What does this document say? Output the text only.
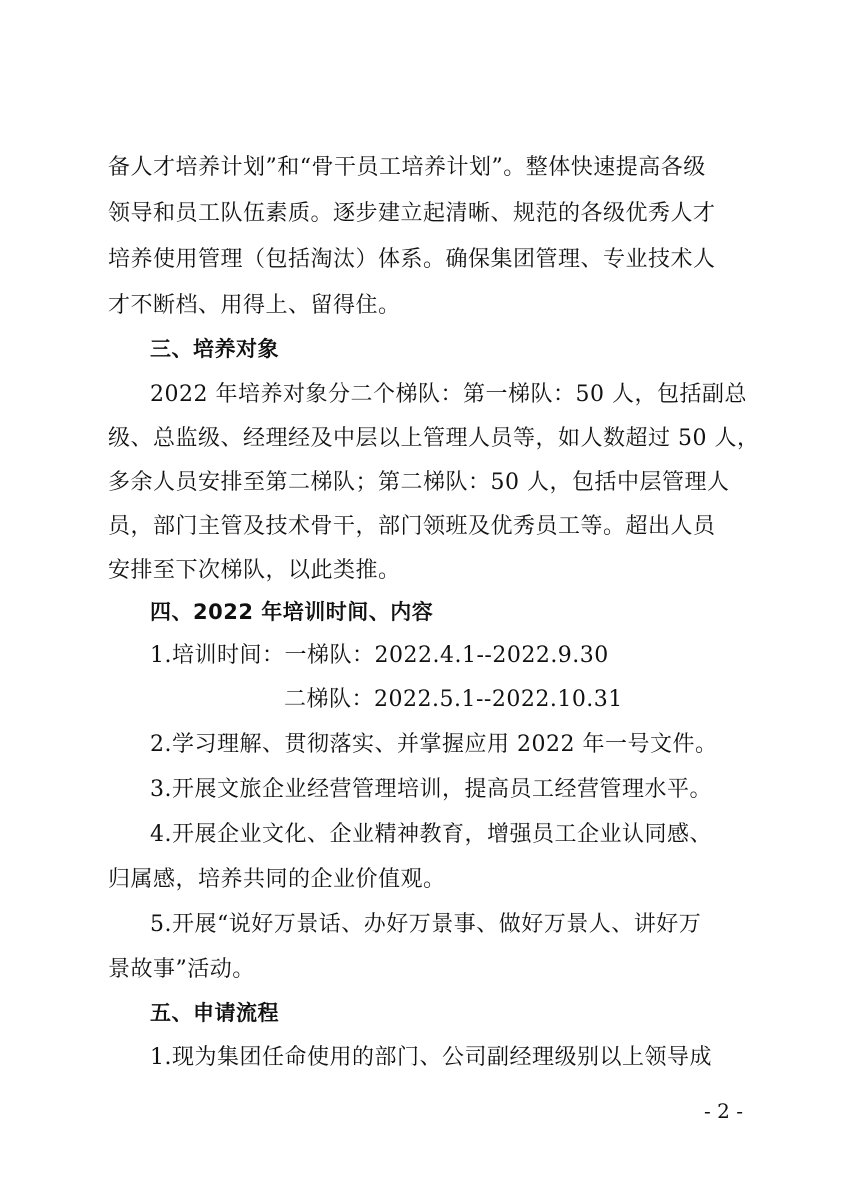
备人才培养计划”和“骨干员工培养计划”。整体快速提高各级
领导和员工队伍素质。逐步建立起清晰、规范的各级优秀人才
培养使用管理（包括淘汰）体系。确保集团管理、专业技术人
才不断档、用得上、留得住。
三、培养对象
2022 年培养对象分二个梯队：第一梯队：50 人，包括副总
级、总监级、经理经及中层以上管理人员等，如人数超过 50 人，
多余人员安排至第二梯队；第二梯队：50 人，包括中层管理人
员，部门主管及技术骨干，部门领班及优秀员工等。超出人员
安排至下次梯队，以此类推。
四、2022 年培训时间、内容
1.培训时间：一梯队：2022.4.1--2022.9.30
二梯队：2022.5.1--2022.10.31
2.学习理解、贯彻落实、并掌握应用 2022 年一号文件。
3.开展文旅企业经营管理培训，提高员工经营管理水平。
4.开展企业文化、企业精神教育，增强员工企业认同感、
归属感，培养共同的企业价值观。
5.开展“说好万景话、办好万景事、做好万景人、讲好万
景故事”活动。
五、申请流程
1.现为集团任命使用的部门、公司副经理级别以上领导成
- 2 -
